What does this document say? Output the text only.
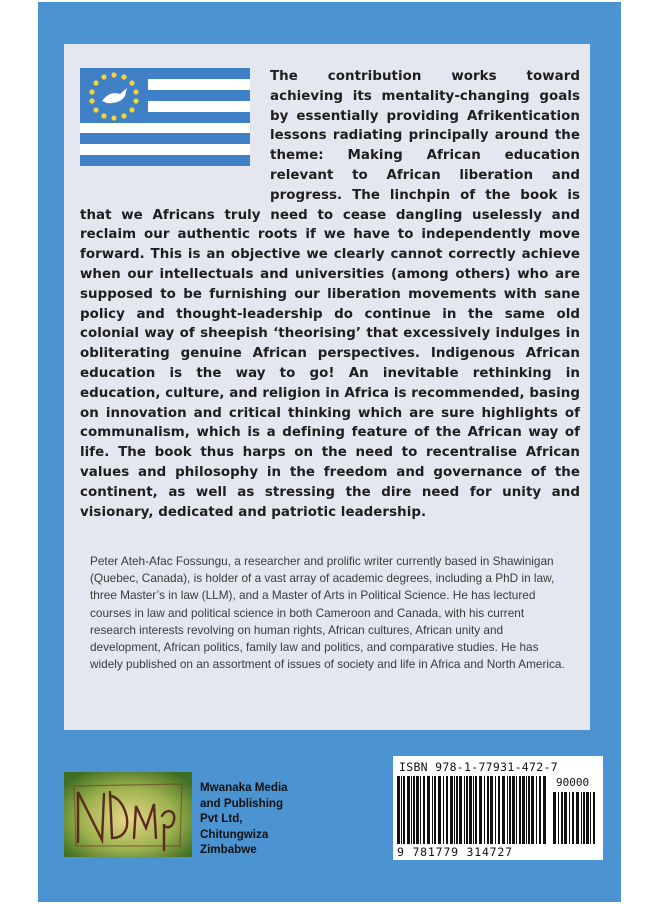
The contribution works toward achieving its mentality-changing goals by essentially providing Afrikentication lessons radiating principally around the theme: Making African education relevant to African liberation and progress. The linchpin of the book is that we Africans truly need to cease dangling uselessly and reclaim our authentic roots if we have to independently move forward. This is an objective we clearly cannot correctly achieve when our intellectuals and universities (among others) who are supposed to be furnishing our liberation movements with sane policy and thought-leadership do continue in the same old colonial way of sheepish ‘theorising’ that excessively indulges in obliterating genuine African perspectives. Indigenous African education is the way to go! An inevitable rethinking in education, culture, and religion in Africa is recommended, basing on innovation and critical thinking which are sure highlights of communalism, which is a defining feature of the African way of life. The book thus harps on the need to recentralise African values and philosophy in the freedom and governance of the continent, as well as stressing the dire need for unity and visionary, dedicated and patriotic leadership.

Peter Ateh-Afac Fossungu, a researcher and prolific writer currently based in Shawinigan (Quebec, Canada), is holder of a vast array of academic degrees, including a PhD in law, three Master’s in law (LLM), and a Master of Arts in Political Science. He has lectured courses in law and political science in both Cameroon and Canada, with his current research interests revolving on human rights, African cultures, African unity and development, African politics, family law and politics, and comparative studies. He has widely published on an assortment of issues of society and life in Africa and North America.

Mwanaka Media
and Publishing
Pvt Ltd,
Chitungwiza
Zimbabwe

ISBN 978-1-77931-472-7
90000
9 781779 314727
